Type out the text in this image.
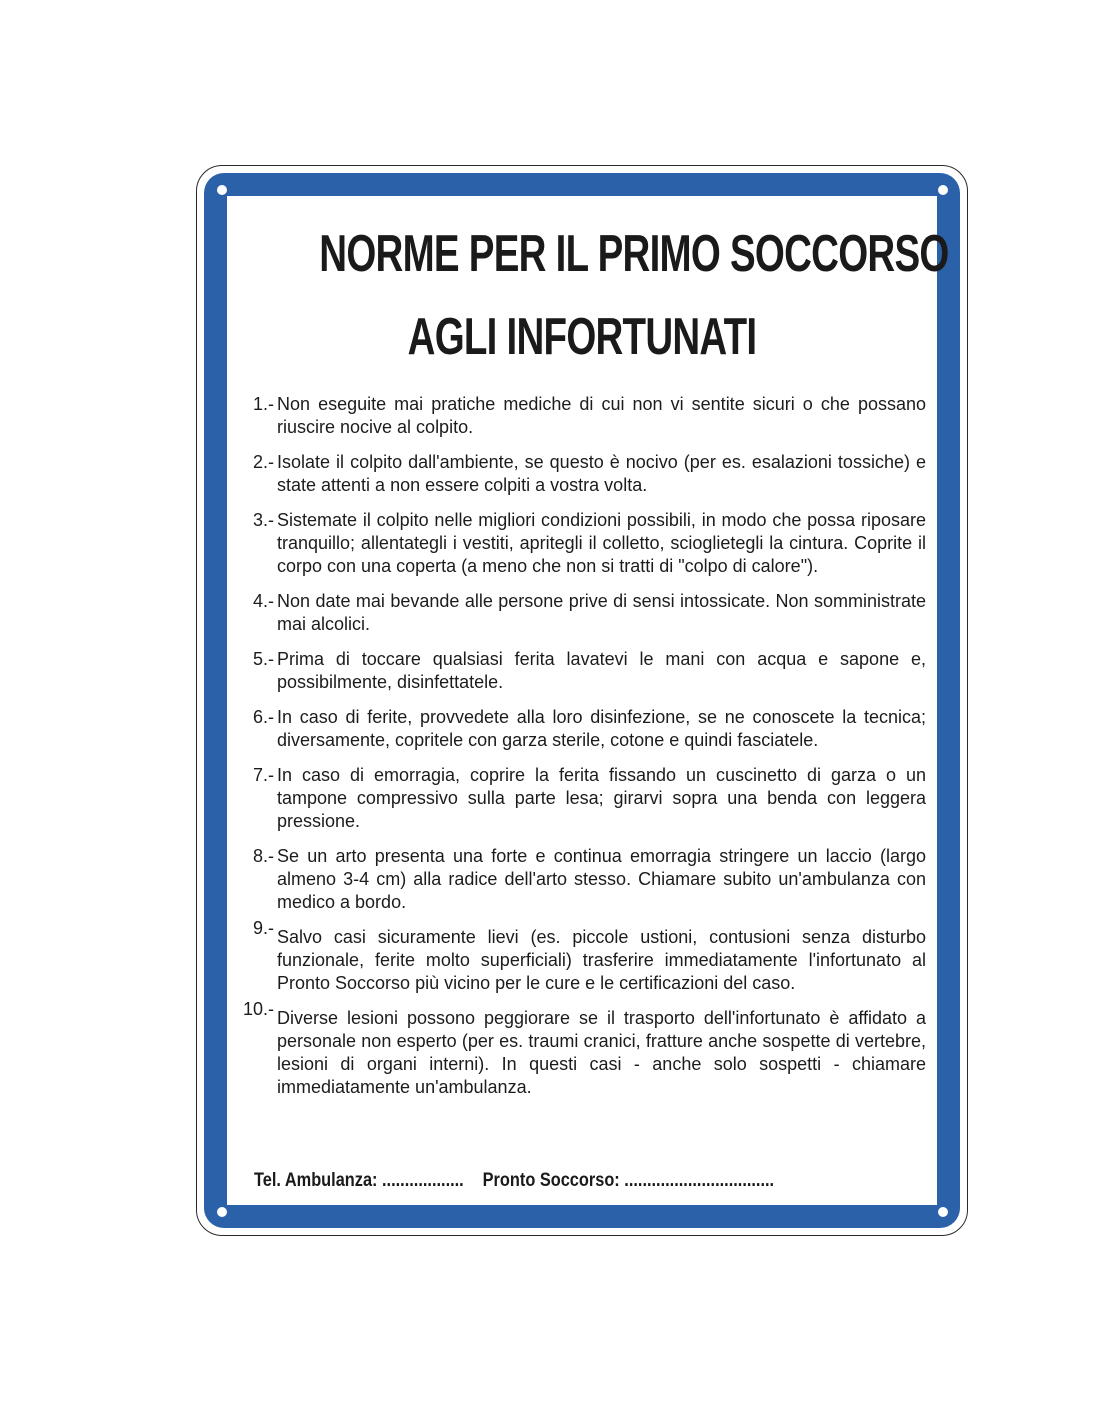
NORME PER IL PRIMO SOCCORSO
AGLI INFORTUNATI
1.- Non eseguite mai pratiche mediche di cui non vi sentite sicuri o che possano riuscire nocive al colpito.
2.- Isolate il colpito dall'ambiente, se questo è nocivo (per es. esalazioni tossiche) e state attenti a non essere colpiti a vostra volta.
3.- Sistemate il colpito nelle migliori condizioni possibili, in modo che possa riposare tranquillo; allentategli i vestiti, apritegli il colletto, scioglietegli la cintura. Coprite il corpo con una coperta (a meno che non si tratti di "colpo di calore").
4.- Non date mai bevande alle persone prive di sensi intossicate. Non somministrate mai alcolici.
5.- Prima di toccare qualsiasi ferita lavatevi le mani con acqua e sapone e, possibilmente, disinfettatele.
6.- In caso di ferite, provvedete alla loro disinfezione, se ne conoscete la tecnica; diversamente, copritele con garza sterile, cotone e quindi fasciatele.
7.- In caso di emorragia, coprire la ferita fissando un cuscinetto di garza o un tampone compressivo sulla parte lesa; girarvi sopra una benda con leggera pressione.
8.- Se un arto presenta una forte e continua emorragia stringere un laccio (largo almeno 3-4 cm) alla radice dell'arto stesso. Chiamare subito un'ambulanza con medico a bordo.
9.- Salvo casi sicuramente lievi (es. piccole ustioni, contusioni senza disturbo funzionale, ferite molto superficiali) trasferire immediatamente l'infortunato al Pronto Soccorso più vicino per le cure e le certificazioni del caso.
10.- Diverse lesioni possono peggiorare se il trasporto dell'infortunato è affidato a personale non esperto (per es. traumi cranici, fratture anche sospette di vertebre, lesioni di organi interni). In questi casi - anche solo sospetti - chiamare immediatamente un'ambulanza.
Tel. Ambulanza: .................. Pronto Soccorso: .................................
